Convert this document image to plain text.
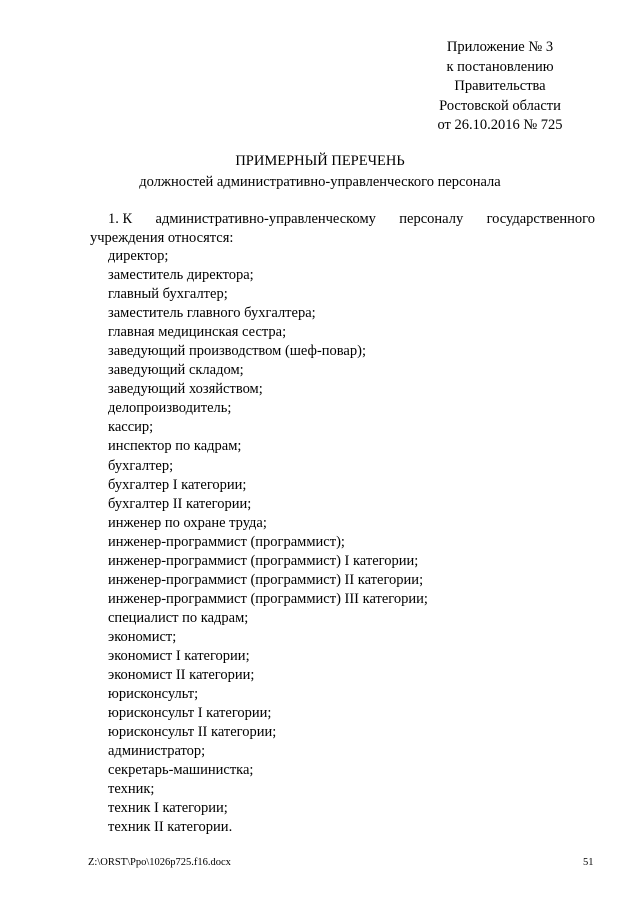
Приложение № 3
к постановлению
Правительства
Ростовской области
от 26.10.2016 № 725
ПРИМЕРНЫЙ ПЕРЕЧЕНЬ
должностей административно-управленческого персонала
1. К административно-управленческому персоналу государственного
учреждения относятся:
директор;
заместитель директора;
главный бухгалтер;
заместитель главного бухгалтера;
главная медицинская сестра;
заведующий производством (шеф-повар);
заведующий складом;
заведующий хозяйством;
делопроизводитель;
кассир;
инспектор по кадрам;
бухгалтер;
бухгалтер I категории;
бухгалтер II категории;
инженер по охране труда;
инженер-программист (программист);
инженер-программист (программист) I категории;
инженер-программист (программист) II категории;
инженер-программист (программист) III категории;
специалист по кадрам;
экономист;
экономист I категории;
экономист II категории;
юрисконсульт;
юрисконсульт I категории;
юрисконсульт II категории;
администратор;
секретарь-машинистка;
техник;
техник I категории;
техник II категории.
Z:\ORST\Ppo\1026p725.f16.docx	51
